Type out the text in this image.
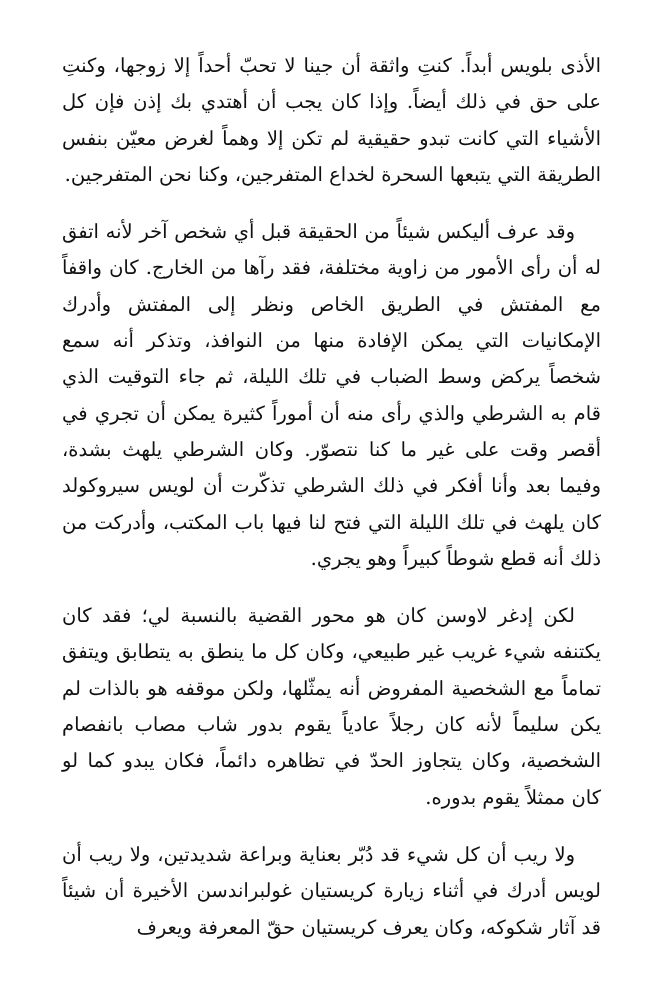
الأذى بلويس أبداً. كنتِ واثقة أن جينا لا تحبّ أحداً إلا زوجها، وكنتِ على حق في ذلك أيضاً. وإذا كان يجب أن أهتدي بك إذن فإن كل الأشياء التي كانت تبدو حقيقية لم تكن إلا وهماً لغرض معيّن بنفس الطريقة التي يتبعها السحرة لخداع المتفرجين، وكنا نحن المتفرجين.

وقد عرف أليكس شيئاً من الحقيقة قبل أي شخص آخر لأنه اتفق له أن رأى الأمور من زاوية مختلفة، فقد رآها من الخارج. كان واقفاً مع المفتش في الطريق الخاص ونظر إلى المفتش وأدرك الإمكانيات التي يمكن الإفادة منها من النوافذ، وتذكر أنه سمع شخصاً يركض وسط الضباب في تلك الليلة، ثم جاء التوقيت الذي قام به الشرطي والذي رأى منه أن أموراً كثيرة يمكن أن تجري في أقصر وقت على غير ما كنا نتصوّر. وكان الشرطي يلهث بشدة، وفيما بعد وأنا أفكر في ذلك الشرطي تذكّرت أن لويس سيروكولد كان يلهث في تلك الليلة التي فتح لنا فيها باب المكتب، وأدركت من ذلك أنه قطع شوطاً كبيراً وهو يجري.

لكن إدغر لاوسن كان هو محور القضية بالنسبة لي؛ فقد كان يكتنفه شيء غريب غير طبيعي، وكان كل ما ينطق به يتطابق ويتفق تماماً مع الشخصية المفروض أنه يمثّلها، ولكن موقفه هو بالذات لم يكن سليماً لأنه كان رجلاً عادياً يقوم بدور شاب مصاب بانفصام الشخصية، وكان يتجاوز الحدّ في تظاهره دائماً، فكان يبدو كما لو كان ممثلاً يقوم بدوره.

ولا ريب أن كل شيء قد دُبّر بعناية وبراعة شديدتين، ولا ريب أن لويس أدرك في أثناء زيارة كريستيان غولبراندسن الأخيرة أن شيئاً قد آثار شكوكه، وكان يعرف كريستيان حقّ المعرفة ويعرف
